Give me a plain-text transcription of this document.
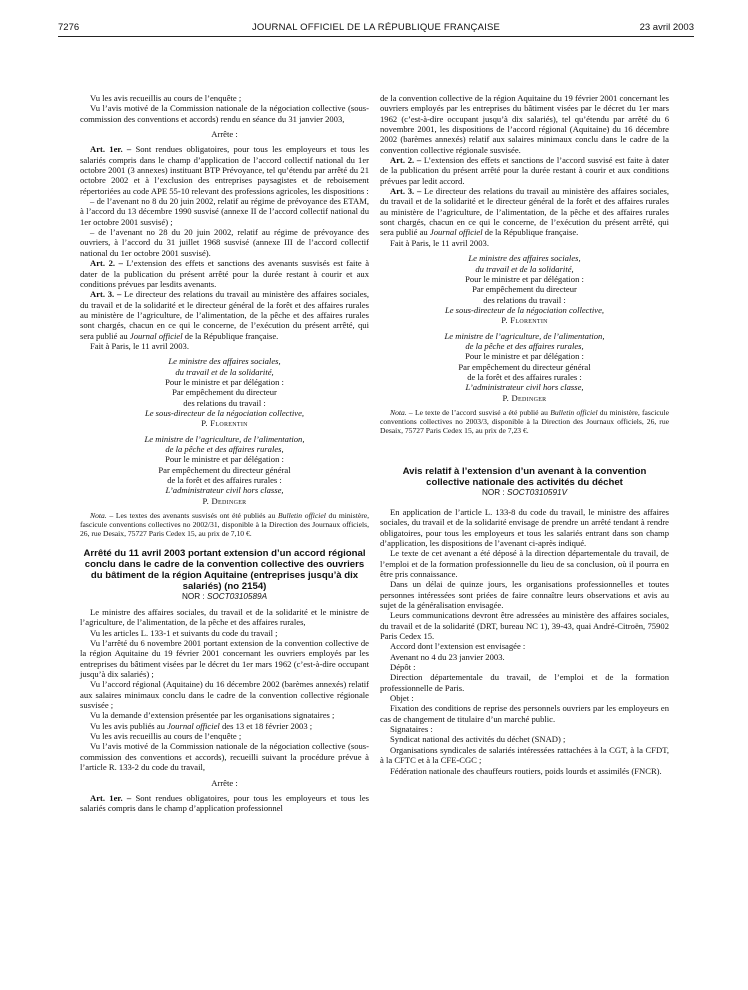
7276	JOURNAL OFFICIEL DE LA RÉPUBLIQUE FRANÇAISE	23 avril 2003

Vu les avis recueillis au cours de l’enquête ;

Vu l’avis motivé de la Commission nationale de la négociation collective (sous-commission des conventions et accords) rendu en séance du 31 janvier 2003,

Arrête :

Art. 1er. – Sont rendues obligatoires, pour tous les employeurs et tous les salariés compris dans le champ d’application de l’accord collectif national du 1er octobre 2001 (3 annexes) instituant BTP Prévoyance, tel qu’étendu par arrêté du 21 octobre 2002 et à l’exclusion des entreprises paysagistes et de reboisement répertoriées au code APE 55-10 relevant des professions agricoles, les dispositions :

– de l’avenant no 8 du 20 juin 2002, relatif au régime de prévoyance des ETAM, à l’accord du 13 décembre 1990 susvisé (annexe II de l’accord collectif national du 1er octobre 2001 susvisé) ;

– de l’avenant no 28 du 20 juin 2002, relatif au régime de prévoyance des ouvriers, à l’accord du 31 juillet 1968 susvisé (annexe III de l’accord collectif national du 1er octobre 2001 susvisé).

Art. 2. – L’extension des effets et sanctions des avenants susvisés est faite à dater de la publication du présent arrêté pour la durée restant à courir et aux conditions prévues par lesdits avenants.

Art. 3. – Le directeur des relations du travail au ministère des affaires sociales, du travail et de la solidarité et le directeur général de la forêt et des affaires rurales au ministère de l’agriculture, de l’alimentation, de la pêche et des affaires rurales sont chargés, chacun en ce qui le concerne, de l’exécution du présent arrêté, qui sera publié au Journal officiel de la République française.

Fait à Paris, le 11 avril 2003.

Le ministre des affaires sociales,
du travail et de la solidarité,
Pour le ministre et par délégation :
Par empêchement du directeur
des relations du travail :
Le sous-directeur de la négociation collective,
P. Florentin
Le ministre de l’agriculture, de l’alimentation,
de la pêche et des affaires rurales,
Pour le ministre et par délégation :
Par empêchement du directeur général
de la forêt et des affaires rurales :
L’administrateur civil hors classe,
P. Dedinger

Nota. – Les textes des avenants susvisés ont été publiés au Bulletin officiel du ministère, fascicule conventions collectives no 2002/31, disponible à la Direction des Journaux officiels, 26, rue Desaix, 75727 Paris Cedex 15, au prix de 7,10 €.

Arrêté du 11 avril 2003 portant extension d’un accord régional conclu dans le cadre de la convention collective des ouvriers du bâtiment de la région Aquitaine (entreprises jusqu’à dix salariés) (no 2154)
NOR : SOCT0310589A

Le ministre des affaires sociales, du travail et de la solidarité et le ministre de l’agriculture, de l’alimentation, de la pêche et des affaires rurales,

Vu les articles L. 133-1 et suivants du code du travail ;

Vu l’arrêté du 6 novembre 2001 portant extension de la convention collective de la région Aquitaine du 19 février 2001 concernant les ouvriers employés par les entreprises du bâtiment visées par le décret du 1er mars 1962 (c’est-à-dire occupant jusqu’à dix salariés) ;

Vu l’accord régional (Aquitaine) du 16 décembre 2002 (barèmes annexés) relatif aux salaires minimaux conclu dans le cadre de la convention collective régionale susvisée ;

Vu la demande d’extension présentée par les organisations signataires ;

Vu les avis publiés au Journal officiel des 13 et 18 février 2003 ;

Vu les avis recueillis au cours de l’enquête ;

Vu l’avis motivé de la Commission nationale de la négociation collective (sous-commission des conventions et accords), recueilli suivant la procédure prévue à l’article R. 133-2 du code du travail,

Arrête :

Art. 1er. – Sont rendues obligatoires, pour tous les employeurs et tous les salariés compris dans le champ d’application professionnel

de la convention collective de la région Aquitaine du 19 février 2001 concernant les ouvriers employés par les entreprises du bâtiment visées par le décret du 1er mars 1962 (c’est-à-dire occupant jusqu’à dix salariés), tel qu’étendu par arrêté du 6 novembre 2001, les dispositions de l’accord régional (Aquitaine) du 16 décembre 2002 (barèmes annexés) relatif aux salaires minimaux conclu dans le cadre de la convention collective régionale susvisée.

Art. 2. – L’extension des effets et sanctions de l’accord susvisé est faite à dater de la publication du présent arrêté pour la durée restant à courir et aux conditions prévues par ledit accord.

Art. 3. – Le directeur des relations du travail au ministère des affaires sociales, du travail et de la solidarité et le directeur général de la forêt et des affaires rurales au ministère de l’agriculture, de l’alimentation, de la pêche et des affaires rurales sont chargés, chacun en ce qui le concerne, de l’exécution du présent arrêté, qui sera publié au Journal officiel de la République française.

Fait à Paris, le 11 avril 2003.

Le ministre des affaires sociales,
du travail et de la solidarité,
Pour le ministre et par délégation :
Par empêchement du directeur
des relations du travail :
Le sous-directeur de la négociation collective,
P. Florentin
Le ministre de l’agriculture, de l’alimentation,
de la pêche et des affaires rurales,
Pour le ministre et par délégation :
Par empêchement du directeur général
de la forêt et des affaires rurales :
L’administrateur civil hors classe,
P. Dedinger

Nota. – Le texte de l’accord susvisé a été publié au Bulletin officiel du ministère, fascicule conventions collectives no 2003/3, disponible à la Direction des Journaux officiels, 26, rue Desaix, 75727 Paris Cedex 15, au prix de 7,23 €.

Avis relatif à l’extension d’un avenant à la convention collective nationale des activités du déchet
NOR : SOCT0310591V

En application de l’article L. 133-8 du code du travail, le ministre des affaires sociales, du travail et de la solidarité envisage de prendre un arrêté tendant à rendre obligatoires, pour tous les employeurs et tous les salariés entrant dans son champ d’application, les dispositions de l’avenant ci-après indiqué.

Le texte de cet avenant a été déposé à la direction départementale du travail, de l’emploi et de la formation professionnelle du lieu de sa conclusion, où il pourra en être pris connaissance.

Dans un délai de quinze jours, les organisations professionnelles et toutes personnes intéressées sont priées de faire connaître leurs observations et avis au sujet de la généralisation envisagée.

Leurs communications devront être adressées au ministère des affaires sociales, du travail et de la solidarité (DRT, bureau NC 1), 39-43, quai André-Citroën, 75902 Paris Cedex 15.

Accord dont l’extension est envisagée :

Avenant no 4 du 23 janvier 2003.

Dépôt :

Direction départementale du travail, de l’emploi et de la formation professionnelle de Paris.

Objet :

Fixation des conditions de reprise des personnels ouvriers par les employeurs en cas de changement de titulaire d’un marché public.

Signataires :

Syndicat national des activités du déchet (SNAD) ;

Organisations syndicales de salariés intéressées rattachées à la CGT, à la CFDT, à la CFTC et à la CFE-CGC ;

Fédération nationale des chauffeurs routiers, poids lourds et assimilés (FNCR).
